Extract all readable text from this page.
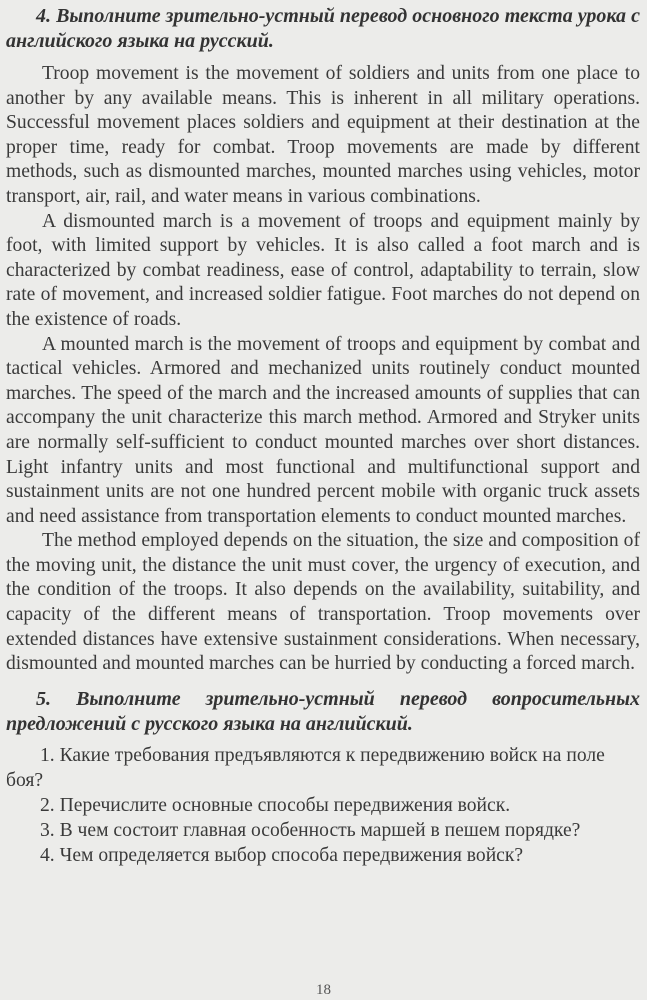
4. Выполните зрительно-устный перевод основного текста урока с английского языка на русский.

Troop movement is the movement of soldiers and units from one place to another by any available means. This is inherent in all military operations. Successful movement places soldiers and equipment at their destination at the proper time, ready for combat. Troop movements are made by different methods, such as dismounted marches, mounted marches using vehicles, motor transport, air, rail, and water means in various combinations.

A dismounted march is a movement of troops and equipment mainly by foot, with limited support by vehicles. It is also called a foot march and is characterized by combat readiness, ease of control, adaptability to terrain, slow rate of movement, and increased soldier fatigue. Foot marches do not depend on the existence of roads.

A mounted march is the movement of troops and equipment by combat and tactical vehicles. Armored and mechanized units routinely conduct mounted marches. The speed of the march and the increased amounts of supplies that can accompany the unit characterize this march method. Armored and Stryker units are normally self-sufficient to conduct mounted marches over short distances. Light infantry units and most functional and multifunctional support and sustainment units are not one hundred percent mobile with organic truck assets and need assistance from transportation elements to conduct mounted marches.

The method employed depends on the situation, the size and composition of the moving unit, the distance the unit must cover, the urgency of execution, and the condition of the troops. It also depends on the availability, suitability, and capacity of the different means of transportation. Troop movements over extended distances have extensive sustainment considerations. When necessary, dismounted and mounted marches can be hurried by conducting a forced march.

5. Выполните зрительно-устный перевод вопросительных предложений с русского языка на английский.

1. Какие требования предъявляются к передвижению войск на поле боя?

2. Перечислите основные способы передвижения войск.

3. В чем состоит главная особенность маршей в пешем порядке?

4. Чем определяется выбор способа передвижения войск?

18
